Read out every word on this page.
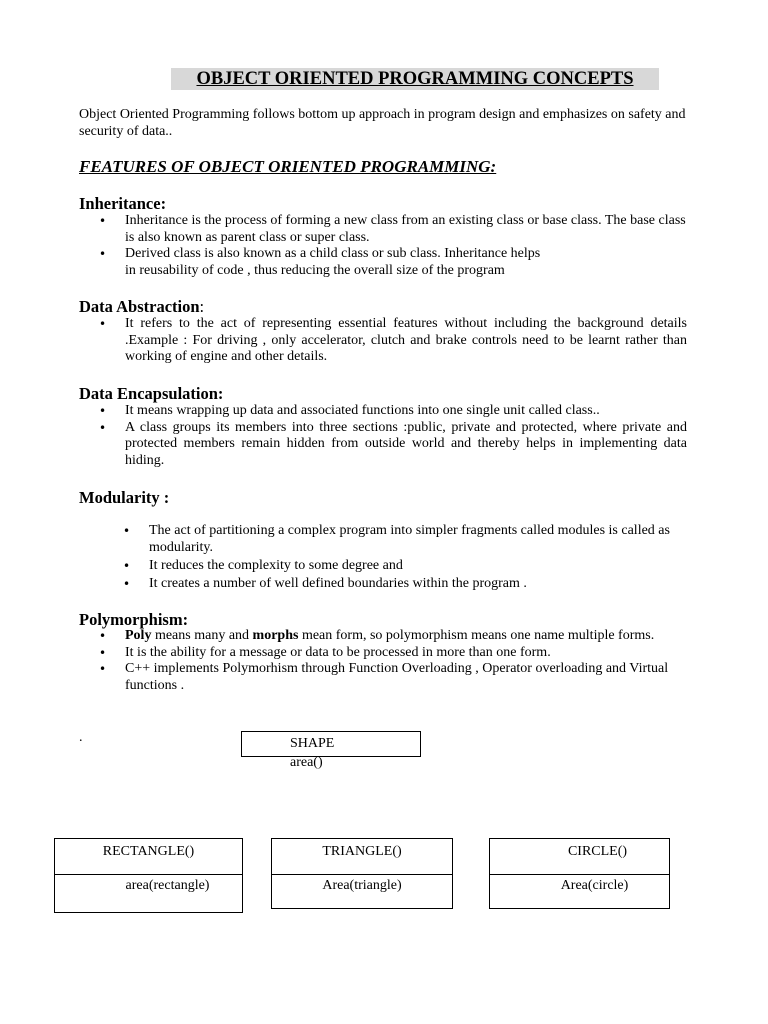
OBJECT ORIENTED PROGRAMMING CONCEPTS
Object Oriented Programming follows bottom up approach in program design and emphasizes on safety and security of data..
FEATURES OF OBJECT ORIENTED PROGRAMMING:
Inheritance:
• Inheritance is the process of forming a new class from an existing class or base class. The base class is also known as parent class or super class.
• Derived class is also known as a child class or sub class. Inheritance helps
in reusability of code , thus reducing the overall size of the program
Data Abstraction:
• It refers to the act of representing essential features without including the background details .Example : For driving , only accelerator, clutch and brake controls need to be learnt rather than working of engine and other details.
Data Encapsulation:
• It means wrapping up data and associated functions into one single unit called class..
• A class groups its members into three sections :public, private and protected, where private and protected members remain hidden from outside world and thereby helps in implementing data hiding.
Modularity :
• The act of partitioning a complex program into simpler fragments called modules is called as modularity.
• It reduces the complexity to some degree and
• It creates a number of well defined boundaries within the program .
Polymorphism:
• Poly means many and morphs mean form, so polymorphism means one name multiple forms.
• It is the ability for a message or data to be processed in more than one form.
• C++ implements Polymorhism through Function Overloading , Operator overloading and Virtual functions .
.	SHAPE
area()
RECTANGLE()
area(rectangle)
TRIANGLE()
Area(triangle)
CIRCLE()
Area(circle)
